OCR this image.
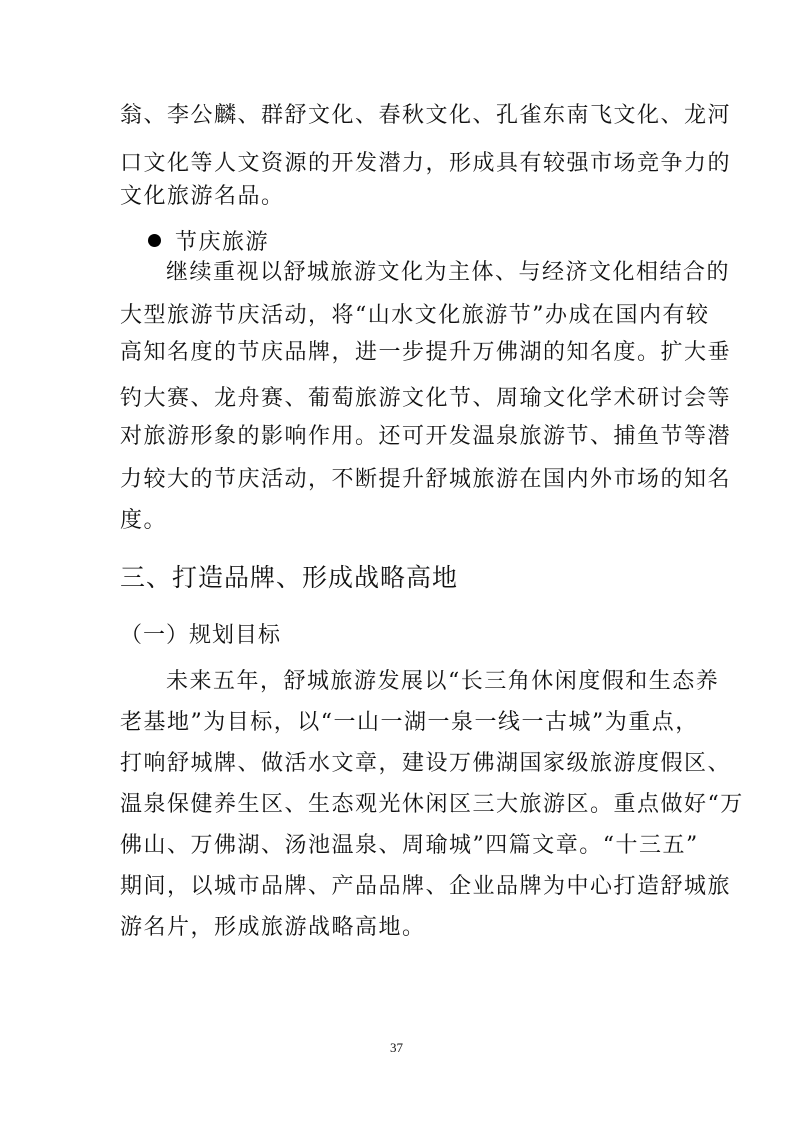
翁、李公麟、群舒文化、春秋文化、孔雀东南飞文化、龙河
口文化等人文资源的开发潜力，形成具有较强市场竞争力的
文化旅游名品。
节庆旅游
继续重视以舒城旅游文化为主体、与经济文化相结合的
大型旅游节庆活动，将“山水文化旅游节”办成在国内有较
高知名度的节庆品牌，进一步提升万佛湖的知名度。扩大垂
钓大赛、龙舟赛、葡萄旅游文化节、周瑜文化学术研讨会等
对旅游形象的影响作用。还可开发温泉旅游节、捕鱼节等潜
力较大的节庆活动，不断提升舒城旅游在国内外市场的知名
度。
三、打造品牌、形成战略高地
（一）规划目标
未来五年，舒城旅游发展以“长三角休闲度假和生态养
老基地”为目标，以“一山一湖一泉一线一古城”为重点，
打响舒城牌、做活水文章，建设万佛湖国家级旅游度假区、
温泉保健养生区、生态观光休闲区三大旅游区。重点做好“万
佛山、万佛湖、汤池温泉、周瑜城”四篇文章。“十三五”
期间，以城市品牌、产品品牌、企业品牌为中心打造舒城旅
游名片，形成旅游战略高地。
37
